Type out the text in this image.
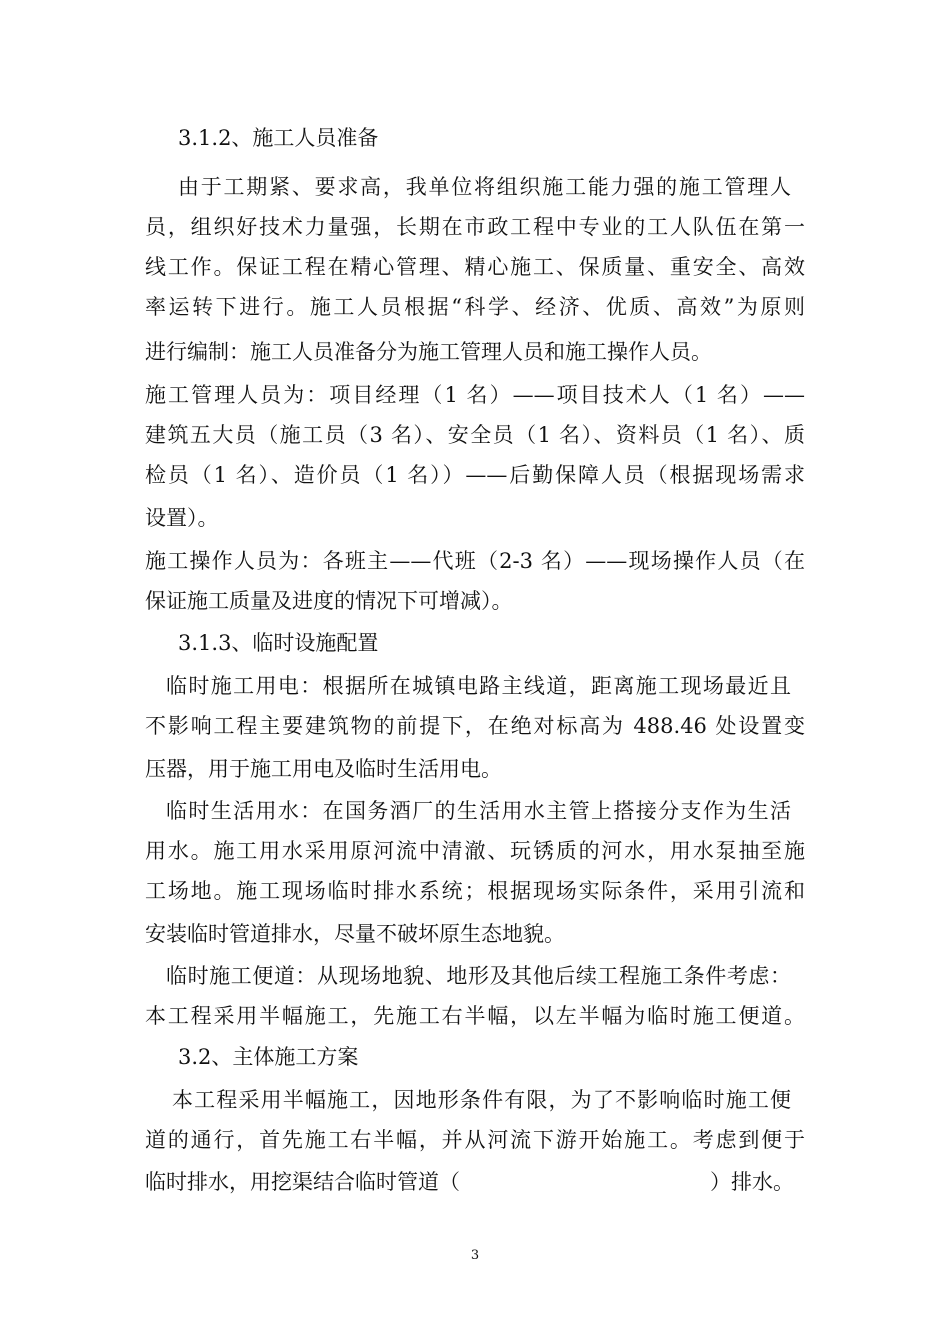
3.1.2、施工人员准备
由于工期紧、要求高，我单位将组织施工能力强的施工管理人
员，组织好技术力量强，长期在市政工程中专业的工人队伍在第一
线工作。保证工程在精心管理、精心施工、保质量、重安全、高效
率运转下进行。施工人员根据“科学、经济、优质、高效”为原则
进行编制：施工人员准备分为施工管理人员和施工操作人员。
施工管理人员为：项目经理（1 名）——项目技术人（1 名）——
建筑五大员（施工员（3 名）、安全员（1 名）、资料员（1 名）、质
检员（1 名）、造价员（1 名））——后勤保障人员（根据现场需求
设置）。
施工操作人员为：各班主——代班（2-3 名）——现场操作人员（在
保证施工质量及进度的情况下可增减）。
3.1.3、临时设施配置
临时施工用电：根据所在城镇电路主线道，距离施工现场最近且
不影响工程主要建筑物的前提下，在绝对标高为 488.46 处设置变
压器，用于施工用电及临时生活用电。
临时生活用水：在国务酒厂的生活用水主管上搭接分支作为生活
用水。施工用水采用原河流中清澈、玩锈质的河水，用水泵抽至施
工场地。施工现场临时排水系统；根据现场实际条件，采用引流和
安装临时管道排水，尽量不破坏原生态地貌。
临时施工便道：从现场地貌、地形及其他后续工程施工条件考虑：
本工程采用半幅施工，先施工右半幅，以左半幅为临时施工便道。
3.2、主体施工方案
本工程采用半幅施工，因地形条件有限，为了不影响临时施工便
道的通行，首先施工右半幅，并从河流下游开始施工。考虑到便于
临时排水，用挖渠结合临时管道（	）排水。
3
